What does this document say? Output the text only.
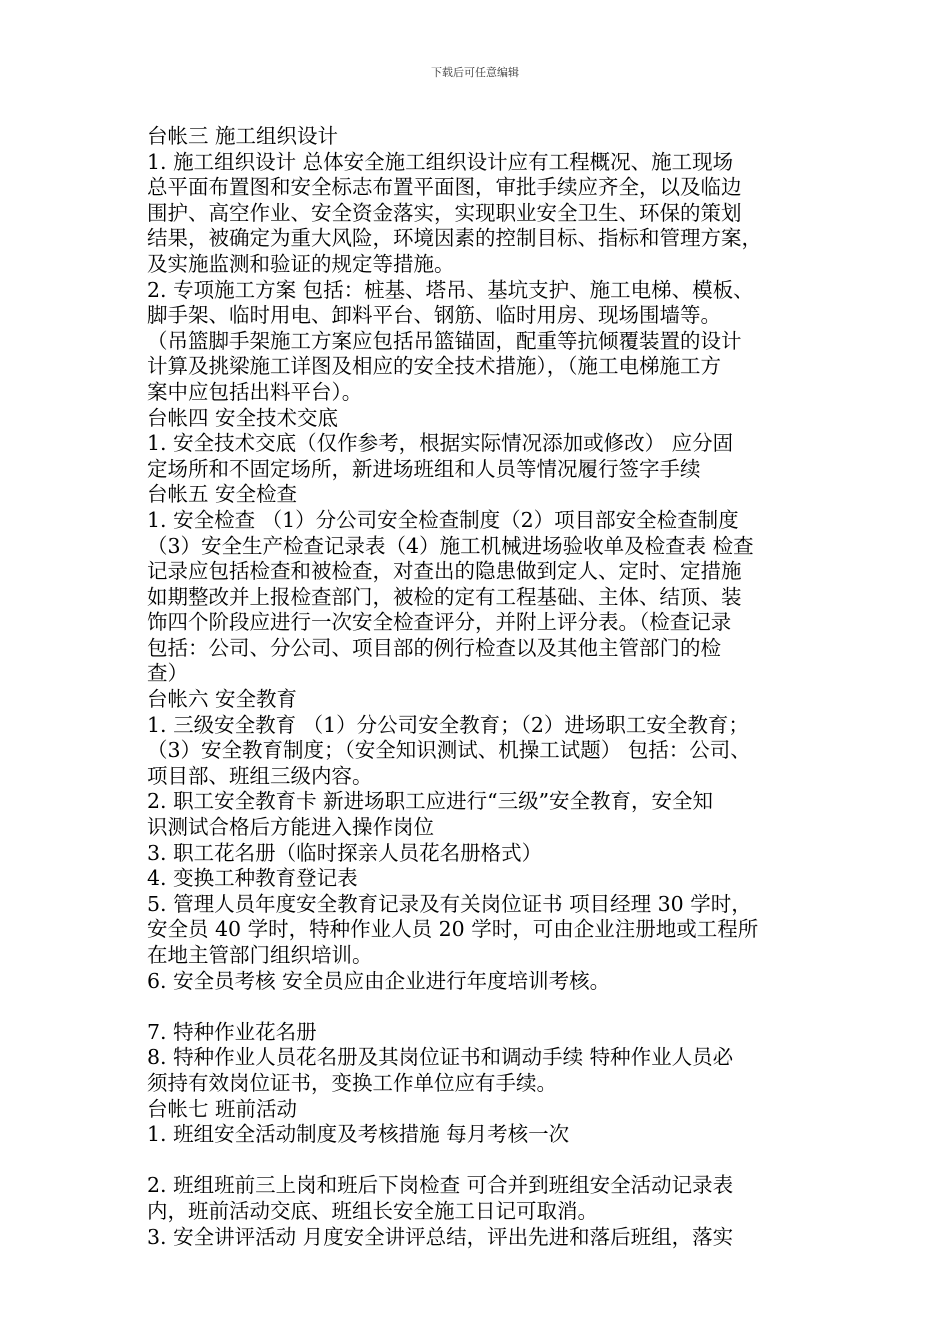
下载后可任意编辑
台帐三 施工组织设计
1. 施工组织设计 总体安全施工组织设计应有工程概况、施工现场
总平面布置图和安全标志布置平面图，审批手续应齐全，以及临边
围护、高空作业、安全资金落实，实现职业安全卫生、环保的策划
结果，被确定为重大风险，环境因素的控制目标、指标和管理方案，
及实施监测和验证的规定等措施。
2. 专项施工方案 包括：桩基、塔吊、基坑支护、施工电梯、模板、
脚手架、临时用电、卸料平台、钢筋、临时用房、现场围墙等。
（吊篮脚手架施工方案应包括吊篮锚固，配重等抗倾覆装置的设计
计算及挑梁施工详图及相应的安全技术措施），（施工电梯施工方
案中应包括出料平台）。
台帐四 安全技术交底
1. 安全技术交底（仅作参考，根据实际情况添加或修改） 应分固
定场所和不固定场所，新进场班组和人员等情况履行签字手续
台帐五 安全检查
1. 安全检查 （1）分公司安全检查制度（2）项目部安全检查制度
（3）安全生产检查记录表（4）施工机械进场验收单及检查表 检查
记录应包括检查和被检查，对查出的隐患做到定人、定时、定措施
如期整改并上报检查部门，被检的定有工程基础、主体、结顶、装
饰四个阶段应进行一次安全检查评分，并附上评分表。（检查记录
包括：公司、分公司、项目部的例行检查以及其他主管部门的检
查）
台帐六 安全教育
1. 三级安全教育 （1）分公司安全教育；（2）进场职工安全教育；
（3）安全教育制度；（安全知识测试、机操工试题） 包括：公司、
项目部、班组三级内容。
2. 职工安全教育卡 新进场职工应进行“三级”安全教育，安全知
识测试合格后方能进入操作岗位
3. 职工花名册（临时探亲人员花名册格式）
4. 变换工种教育登记表
5. 管理人员年度安全教育记录及有关岗位证书 项目经理 30 学时，
安全员 40 学时，特种作业人员 20 学时，可由企业注册地或工程所
在地主管部门组织培训。
6. 安全员考核 安全员应由企业进行年度培训考核。
7. 特种作业花名册
8. 特种作业人员花名册及其岗位证书和调动手续 特种作业人员必
须持有效岗位证书，变换工作单位应有手续。
台帐七 班前活动
1. 班组安全活动制度及考核措施 每月考核一次
2. 班组班前三上岗和班后下岗检查 可合并到班组安全活动记录表
内，班前活动交底、班组长安全施工日记可取消。
3. 安全讲评活动 月度安全讲评总结，评出先进和落后班组，落实
